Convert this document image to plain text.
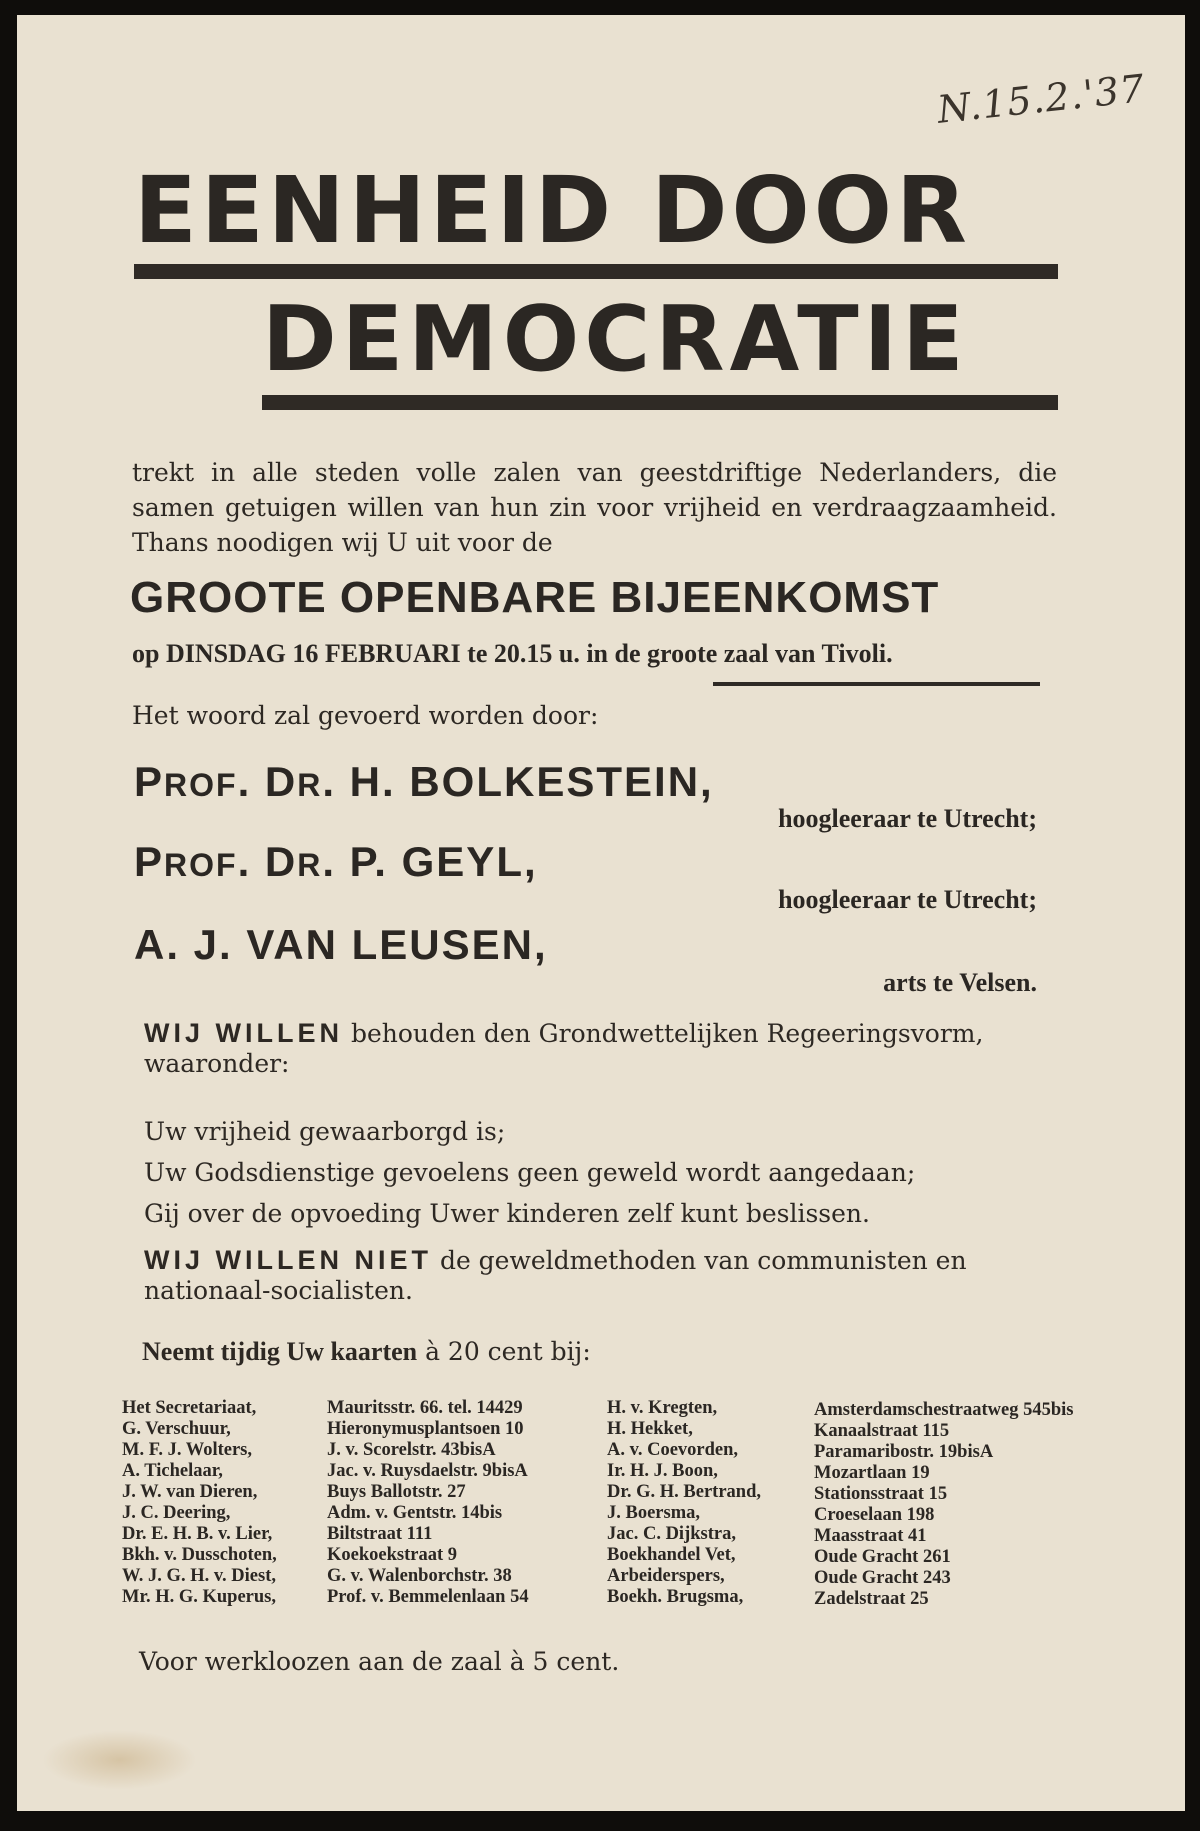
N.15.2.'37
EENHEID DOOR
DEMOCRATIE
trekt in alle steden volle zalen van geestdriftige Nederlanders, die
samen getuigen willen van hun zin voor vrijheid en verdraagzaamheid.
Thans noodigen wij U uit voor de
GROOTE OPENBARE BIJEENKOMST
op DINSDAG 16 FEBRUARI te 20.15 u. in de groote zaal van Tivoli.
Het woord zal gevoerd worden door:
PROF. DR. H. BOLKESTEIN,
hoogleeraar te Utrecht;
PROF. DR. P. GEYL,
hoogleeraar te Utrecht;
A. J. VAN LEUSEN,
arts te Velsen.
WIJ WILLEN behouden den Grondwettelijken Regeeringsvorm,
waaronder:
Uw vrijheid gewaarborgd is;
Uw Godsdienstige gevoelens geen geweld wordt aangedaan;
Gij over de opvoeding Uwer kinderen zelf kunt beslissen.
WIJ WILLEN NIET de geweldmethoden van communisten en
nationaal-socialisten.
Neemt tijdig Uw kaarten à 20 cent bij:
Het Secretariaat,
G. Verschuur,
M. F. J. Wolters,
A. Tichelaar,
J. W. van Dieren,
J. C. Deering,
Dr. E. H. B. v. Lier,
Bkh. v. Dusschoten,
W. J. G. H. v. Diest,
Mr. H. G. Kuperus,
Mauritsstr. 66. tel. 14429
Hieronymusplantsoen 10
J. v. Scorelstr. 43bisA
Jac. v. Ruysdaelstr. 9bisA
Buys Ballotstr. 27
Adm. v. Gentstr. 14bis
Biltstraat 111
Koekoekstraat 9
G. v. Walenborchstr. 38
Prof. v. Bemmelenlaan 54
H. v. Kregten,
H. Hekket,
A. v. Coevorden,
Ir. H. J. Boon,
Dr. G. H. Bertrand,
J. Boersma,
Jac. C. Dijkstra,
Boekhandel Vet,
Arbeiderspers,
Boekh. Brugsma,
Amsterdamschestraatweg 545bis
Kanaalstraat 115
Paramaribostr. 19bisA
Mozartlaan 19
Stationsstraat 15
Croeselaan 198
Maasstraat 41
Oude Gracht 261
Oude Gracht 243
Zadelstraat 25
Voor werkloozen aan de zaal à 5 cent.
